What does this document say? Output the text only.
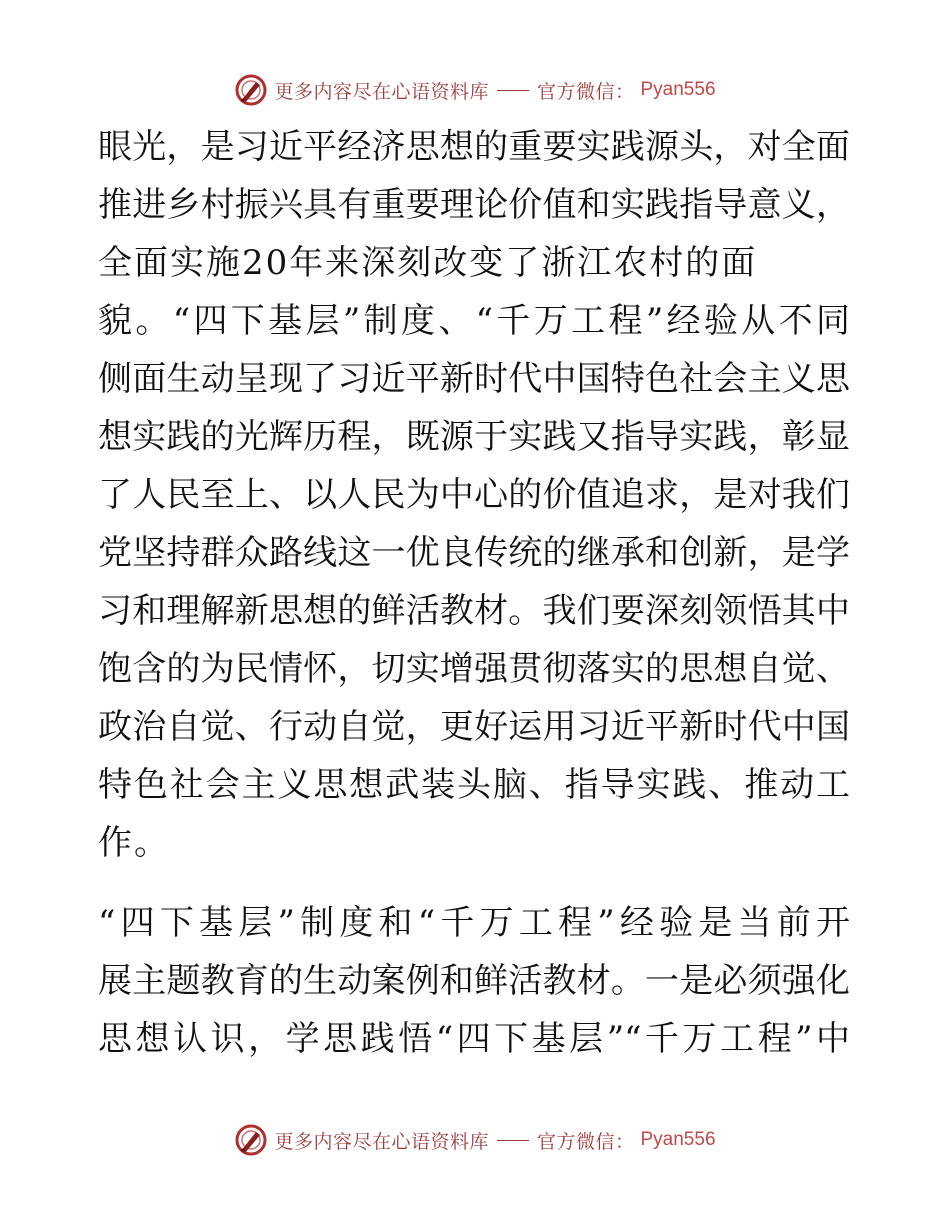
更多内容尽在心语资料库	官方微信： Pyan556
眼光，是习近平经济思想的重要实践源头，对全面
推进乡村振兴具有重要理论价值和实践指导意义，
全面实施20年来深刻改变了浙江农村的面
貌。“四下基层”制度、“千万工程”经验从不同
侧面生动呈现了习近平新时代中国特色社会主义思
想实践的光辉历程，既源于实践又指导实践，彰显
了人民至上、以人民为中心的价值追求，是对我们
党坚持群众路线这一优良传统的继承和创新，是学
习和理解新思想的鲜活教材。我们要深刻领悟其中
饱含的为民情怀，切实增强贯彻落实的思想自觉、
政治自觉、行动自觉，更好运用习近平新时代中国
特色社会主义思想武装头脑、指导实践、推动工
作。
“四下基层”制度和“千万工程”经验是当前开
展主题教育的生动案例和鲜活教材。一是必须强化
思想认识，学思践悟“四下基层”“千万工程”中
更多内容尽在心语资料库	官方微信： Pyan556
